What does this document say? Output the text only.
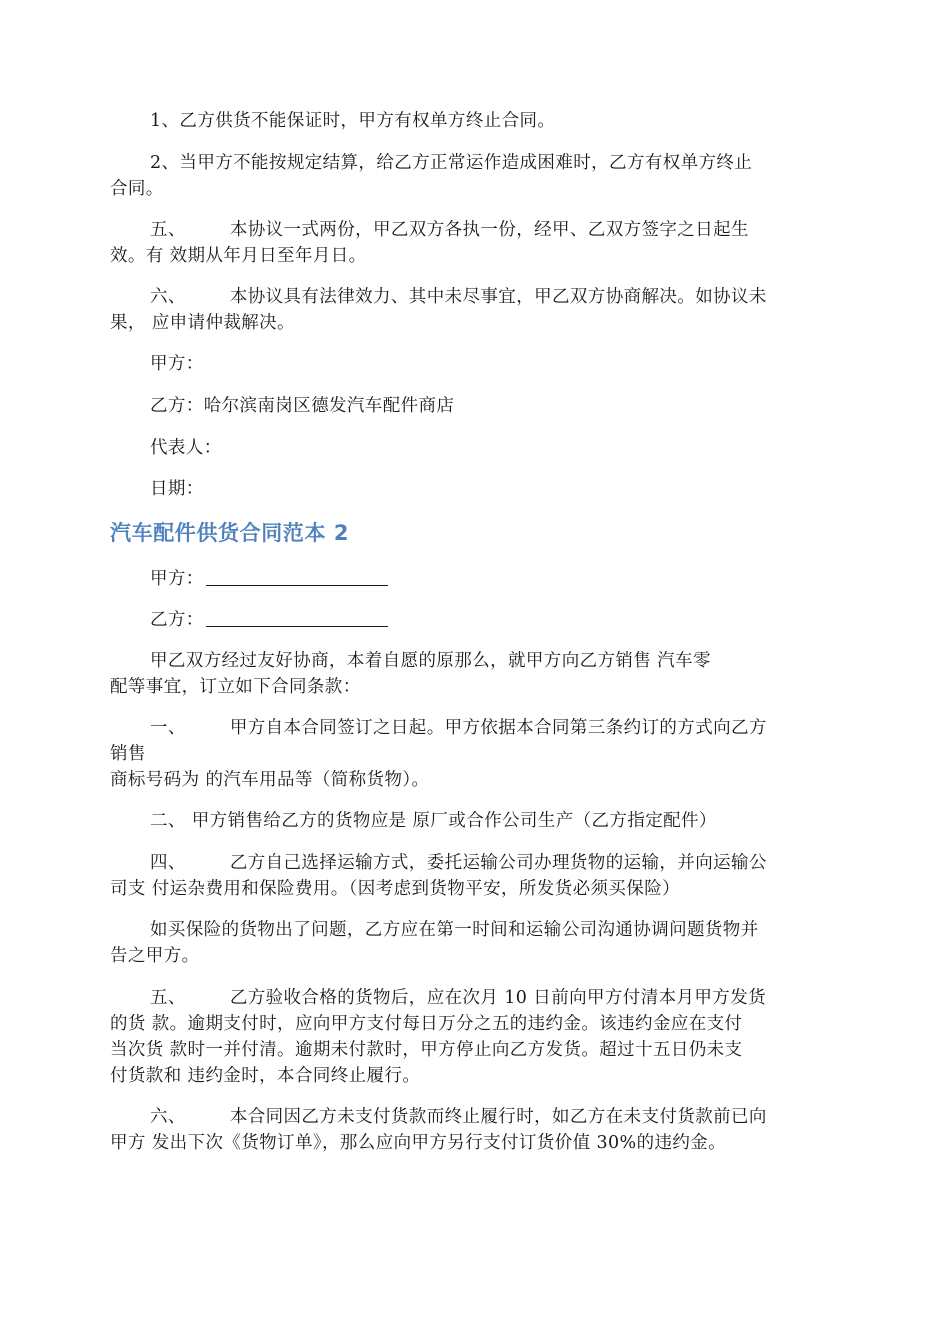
1、乙方供货不能保证时，甲方有权单方终止合同。
2、当甲方不能按规定结算，给乙方正常运作造成困难时，乙方有权单方终止
合同。
五、	本协议一式两份，甲乙双方各执一份，经甲、乙双方签字之日起生
效。有 效期从年月日至年月日。
六、	本协议具有法律效力、其中未尽事宜，甲乙双方协商解决。如协议未
果， 应申请仲裁解决。
甲方：
乙方：哈尔滨南岗区德发汽车配件商店
代表人：
日期：
汽车配件供货合同范本 2
甲方：
乙方：
甲乙双方经过友好协商，本着自愿的原那么，就甲方向乙方销售 汽车零
配等事宜，订立如下合同条款：
一、	甲方自本合同签订之日起。甲方依据本合同第三条约订的方式向乙方
销售
商标号码为 的汽车用品等（简称货物）。
二、 甲方销售给乙方的货物应是 原厂或合作公司生产（乙方指定配件）
四、	乙方自己选择运输方式，委托运输公司办理货物的运输，并向运输公
司支 付运杂费用和保险费用。（因考虑到货物平安，所发货必须买保险）
如买保险的货物出了问题，乙方应在第一时间和运输公司沟通协调问题货物并
告之甲方。
五、	乙方验收合格的货物后，应在次月 10 日前向甲方付清本月甲方发货
的货 款。逾期支付时，应向甲方支付每日万分之五的违约金。该违约金应在支付
当次货 款时一并付清。逾期未付款时，甲方停止向乙方发货。超过十五日仍未支
付货款和 违约金时，本合同终止履行。
六、	本合同因乙方未支付货款而终止履行时，如乙方在未支付货款前已向
甲方 发出下次《货物订单》，那么应向甲方另行支付订货价值 30%的违约金。
